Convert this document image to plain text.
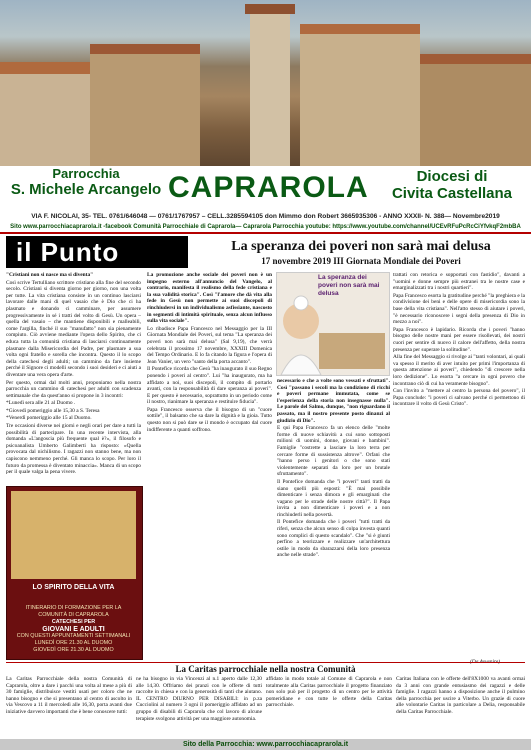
Parrocchia
S. Michele Arcangelo CAPRAROLA	Diocesi di
Civita Castellana
VIA F. NICOLAI, 35- TEL. 0761/646048 — 0761/1767957 – CELL.3285594105 don Mimmo don Robert 3665935306 - ANNO XXXII- N. 388— Novembre2019
Sito www.parrocchiacaprarola.it -facebook Comunità Parrocchiale di Caprarola— Caprarola Parrocchia youtube: https://www.youtube.com/channel/UCEvRFuPcRcCiYfvkqF2mbBA
il Punto	La speranza dei poveri non sarà mai delusa
17 novembre 2019 III Giornata Mondiale dei Poveri

"Cristiani non si nasce ma si diventa"

Così scrive Tertulliano scrittore cristiano alla fine del secondo secolo. Cristiani si diventa giorno per giorno, non una volta per tutte. La vita cristiana consiste in un continuo lasciarsi lavorare dalle mani di quel vasaio che è Dio che ci ha plasmato e donando ci camminare, per assumere progressivamente in sé i tratti del volto di Gesù. Un opera – quella del vasaio – che mantiene disponibili e malleabili, come l'argilla, finché il suo "manufatto" non sia pienamente compiuto. Ciò avviene mediante l'opera dello Spirito, che ci educa tutta la comunità cristiana di lasciarsi continuamente plasmare dalla Misericordia del Padre, per plasmare a sua volta ogni fratello e sorella che incontra. Questo il lo scopo della catechesi degli adulti; un cammino da fare insieme perché il Signore ci modelli secondo i suoi desideri e ci aiuti a diventare una vera opera d'arte.

Per questo, ormai dal molti anni, proponiamo nella nostra parrocchia un cammino di catechesi per adulti con scadenza settimanale che da quest'anno si propone in 3 incontri:

*Lunedì sera alle 21 al Duomo .

*Giovedì pomeriggio alle 15,30 a S. Teresa

*Venerdì pomeriggio alle 15 al Duomo.

Tre occasioni diverse nei giorni e negli orari per dare a tutti la possibilità di partecipare. In una recente intervista, alla domanda «L'angoscia più frequente qual è?», il filosofo e psicoanalista Umberto Galimberti ha risposto: «Quella provocata dal nichilismo. I ragazzi non stanno bene, ma non capiscono nemmeno perché. Gli manca lo scopo. Per loro il futuro da promessa è diventato minaccia». Manca di un scopo per il quale valga la pena vivere.

LO SPIRITO DELLA VITA
ITINERARIO DI FORMAZIONE PER LA COMUNITÀ DI CAPRAROLA
CATECHESI PER
GIOVANI E ADULTI
CON QUESTI APPUNTAMENTI SETTIMANALI
LUNEDÌ ORE 21.30 AL DUOMO
GIOVEDÌ ORE 21.30 AL DUOMO

La promozione anche sociale dei poveri non è un impegno esterno all'annuncio del Vangelo, al contrario, manifesta il realismo della fede cristiana e la sua validità storica". Così "l'amore che dà vita alla fede in Gesù non permette ai suoi discepoli di rinchiudersi in un individualismo asfissiante, nascosto in segmenti di intimità spirituale, senza alcun influsso sulla vita sociale".

Lo ribadisce Papa Francesco nel Messaggio per la III Giornata Mondiale dei Poveri, sul tema "La speranza dei poveri non sarà mai delusa" (Sal 9,19), che verrà celebrata il prossimo 17 novembre, XXXIII Domenica del Tempo Ordinario. E lo fa citando la figura e l'opera di Jean Vanier, un vero "santo della porta accanto".

Il Pontefice ricorda che Gesù "ha inaugurato il suo Regno ponendo i poveri al centro". Lui "ha inaugurato, ma ha affidato a noi, suoi discepoli, il compito di portarlo avanti, con la responsabilità di dare speranza ai poveri". E per questo è necessario, soprattutto in un periodo come il nostro, rianimare la speranza e restituire fiducia".

Papa Francesco osserva che il bisogno di un "cuore sottile", il balsamo che sa dare la dignità e la gioia. Tutto questo non si può dare se il mondo è occupato dal cuore indifferente a quanti soffrono.

La speranza dei poveri non sarà mai delusa

necessario e che a volte sono vessati e sfruttati". Così "passano i secoli ma la condizione di ricchi e poveri permane immutata, come se l'esperienza della storia non insegnasse nulla". Le parole del Salmo, dunque, "non riguardano il passato, ma il nostro presente posto dinanzi al giudizio di Dio".

E qui Papa Francesco fa un elenco delle "molte forme di nuove schiavitù a cui sono sottoposti milioni di uomini, donne, giovani e bambini". Famiglie "costrette a lasciare la loro terra per cercare forme di sussistenza altrove". Orfani che "hanno perso i genitori o che sono stati violentemente separati da loro per un brutale sfruttamento".

Il Pontefice domanda che "i poveri" tanti tratti da siano quelli più esposti: "È mai possibile dimenticare i senza dimora e gli emarginati che vagano per le strade delle nostre città?". Il Papa invita a non dimenticare i poveri e a non rinchiuderli nella povertà.

Il Pontefice domanda che i poveri "tutti tratti da riferi, senza che alcun senso di colpa investa quanti sono complici di questo scandalo". Che "si è giunti perfino a teorizzare e realizzare un'architettura ostile in modo da sbarazzarsi della loro presenza anche nelle strade".

trattati con retorica e sopportati con fastidio", davanti a "uomini e donne sempre più estranei tra le nostre case e emarginalizzati tra i nostri quartieri".

Papa Francesco esorta la gratitudine perché "la preghiera e la condivisione dei beni e delle opere di misericordia sono la base della vita cristiana". Nell'atto stesso di aiutare i poveri, "è necessario riconoscere i segni della presenza di Dio in mezzo a noi".

Papa Francesco è lapidario. Ricorda che i poveri "hanno bisogno delle nostre mani per essere risollevati, dei nostri cuori per sentire di nuovo il calore dell'affetto, della nostra presenza per superare la solitudine".

Alla fine del Messaggio si rivolge ai "tanti volontari, ai quali va spesso il merito di aver intuito per primi l'importanza di questa attenzione ai poveri", chiedendo "di crescere nella loro dedizione". Lo esorta "a cercare in ogni povero che incontrano ciò di cui ha veramente bisogno".

Con l'invito a "mettere al centro la persona del povero", il Papa conclude: "i poveri ci salvano perché ci permettono di incontrare il volto di Gesù Cristo".

(Da Avvenire)
La Caritas parrocchiale nella nostra Comunità
La Caritas Parrocchiale della nostra Comunità di Caprarola, oltre a dare i pacchi una volta al mese a più di 30 famiglie, distribuisce vestiti usati per coloro che ne hanno bisogno e che si presentano al centro di ascolto in via Vescovo a 11 il mercoledì alle 16,30, porta avanti due iniziative davvero importanti che è bene conoscere tutti:
ne ha bisogno in via Vincenzi al n.1 aperto dalle 12,30 alle 14,30. Offriamo dei pranzi con le offerte di tutti raccolte in chiesa e con la generosità di tanti che aiutano. IL CENTRO DIURNO PER DISABILI: in p.za Cucciolini al numero 3 ogni il pomeriggio affidato ad un gruppo di disabili di Caprarola che col lavoro di alcune terapiste svolgono attività per una maggiore autonomia.
affidato in modo totale al Comune di Caprarola e non totalmente alla Caritas parrocchiale il progetto finanziato non solo può per il progetto di un centro per le attività pomeridiane e con tutte le offerte della Caritas parrocchiale.
Caritas Italiana con le offerte dell'8X1000 va avanti ormai da 3 anni con grande entusiasmo dei ragazzi e delle famiglie. I ragazzi hanno a disposizione anche il pulmino della parrocchia per uscire a Viterbo. Un grazie di cuore alle volontarie Caritas in particolare a Delia, responsabile della Caritas Parrocchiale.
Sito della Parrocchia: www.parrocchiacaprarola.it
